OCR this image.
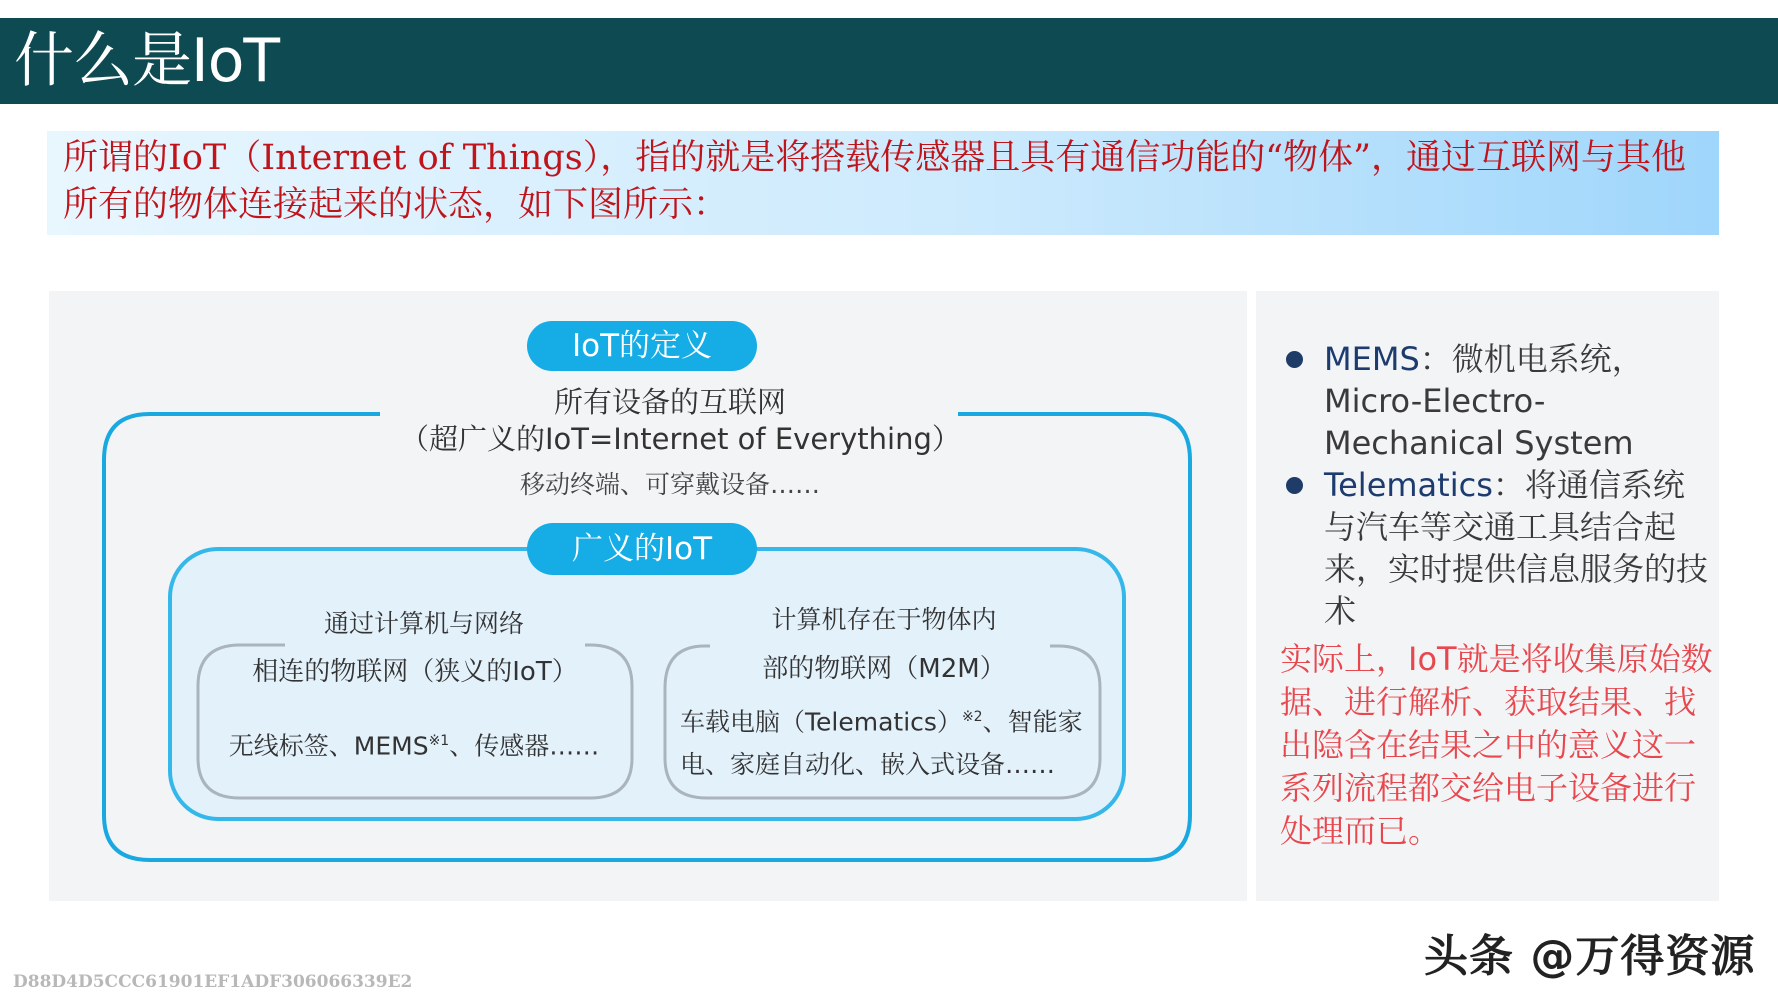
什么是IoT
所谓的IoT（Internet of Things），指的就是将搭载传感器且具有通信功能的“物体”，通过互联网与其他所有的物体连接起来的状态，如下图所示：
IoT的定义
所有设备的互联网
（超广义的IoT=Internet of Everything）
移动终端、可穿戴设备……
广义的IoT
通过计算机与网络
相连的物联网（狭义的IoT）
无线标签、MEMS$^{※1}$、传感器……
计算机存在于物体内
部的物联网（M2M）
车载电脑（Telematics）$^{※2}$、智能家
电、家庭自动化、嵌入式设备……
MEMS：微机电系统，Micro-Electro-Mechanical System
Telematics：将通信系统与汽车等交通工具结合起来，实时提供信息服务的技术
实际上，IoT就是将收集原始数据、进行解析、获取结果、找出隐含在结果之中的意义这一系列流程都交给电子设备进行处理而已。
头条 @万得资源
D88D4D5CCC61901EF1ADF306066339E2
